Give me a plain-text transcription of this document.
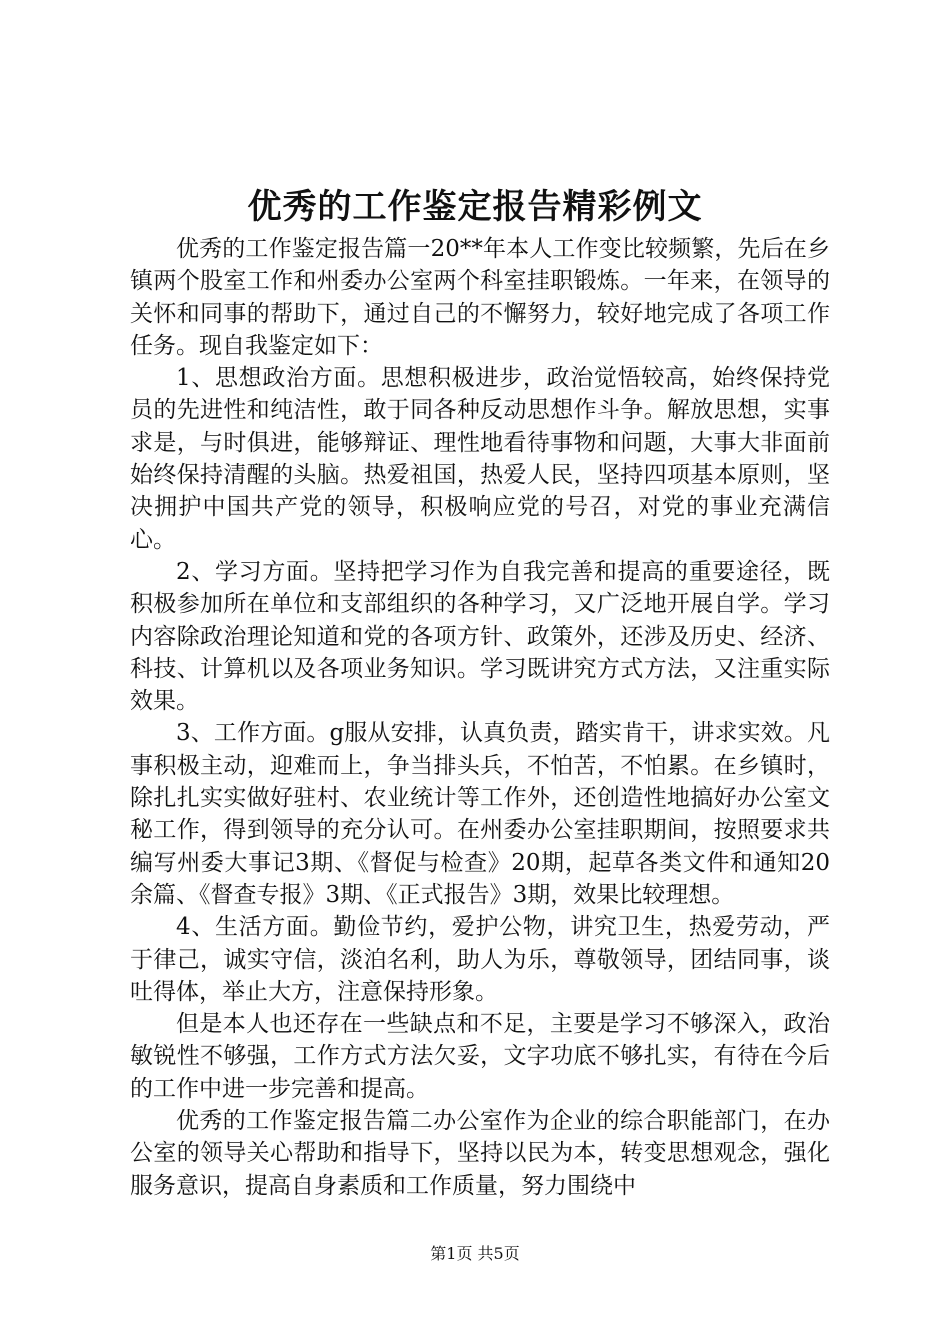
优秀的工作鉴定报告精彩例文

优秀的工作鉴定报告篇一20**年本人工作变比较频繁，先后在乡镇两个股室工作和州委办公室两个科室挂职锻炼。一年来，在领导的关怀和同事的帮助下，通过自己的不懈努力，较好地完成了各项工作任务。现自我鉴定如下：

1、思想政治方面。思想积极进步，政治觉悟较高，始终保持党员的先进性和纯洁性，敢于同各种反动思想作斗争。解放思想，实事求是，与时俱进，能够辩证、理性地看待事物和问题，大事大非面前始终保持清醒的头脑。热爱祖国，热爱人民，坚持四项基本原则，坚决拥护中国共产党的领导，积极响应党的号召，对党的事业充满信心。

2、学习方面。坚持把学习作为自我完善和提高的重要途径，既积极参加所在单位和支部组织的各种学习，又广泛地开展自学。学习内容除政治理论知道和党的各项方针、政策外，还涉及历史、经济、科技、计算机以及各项业务知识。学习既讲究方式方法，又注重实际效果。

3、工作方面。g服从安排，认真负责，踏实肯干，讲求实效。凡事积极主动，迎难而上，争当排头兵，不怕苦，不怕累。在乡镇时，除扎扎实实做好驻村、农业统计等工作外，还创造性地搞好办公室文秘工作，得到领导的充分认可。在州委办公室挂职期间，按照要求共编写州委大事记3期、《督促与检查》20期，起草各类文件和通知20余篇、《督查专报》3期、《正式报告》3期，效果比较理想。

4、生活方面。勤俭节约，爱护公物，讲究卫生，热爱劳动，严于律己，诚实守信，淡泊名利，助人为乐，尊敬领导，团结同事，谈吐得体，举止大方，注意保持形象。

但是本人也还存在一些缺点和不足，主要是学习不够深入，政治敏锐性不够强，工作方式方法欠妥，文字功底不够扎实，有待在今后的工作中进一步完善和提高。

优秀的工作鉴定报告篇二办公室作为企业的综合职能部门，在办公室的领导关心帮助和指导下，坚持以民为本，转变思想观念，强化服务意识，提高自身素质和工作质量，努力围绕中

第1页 共5页
